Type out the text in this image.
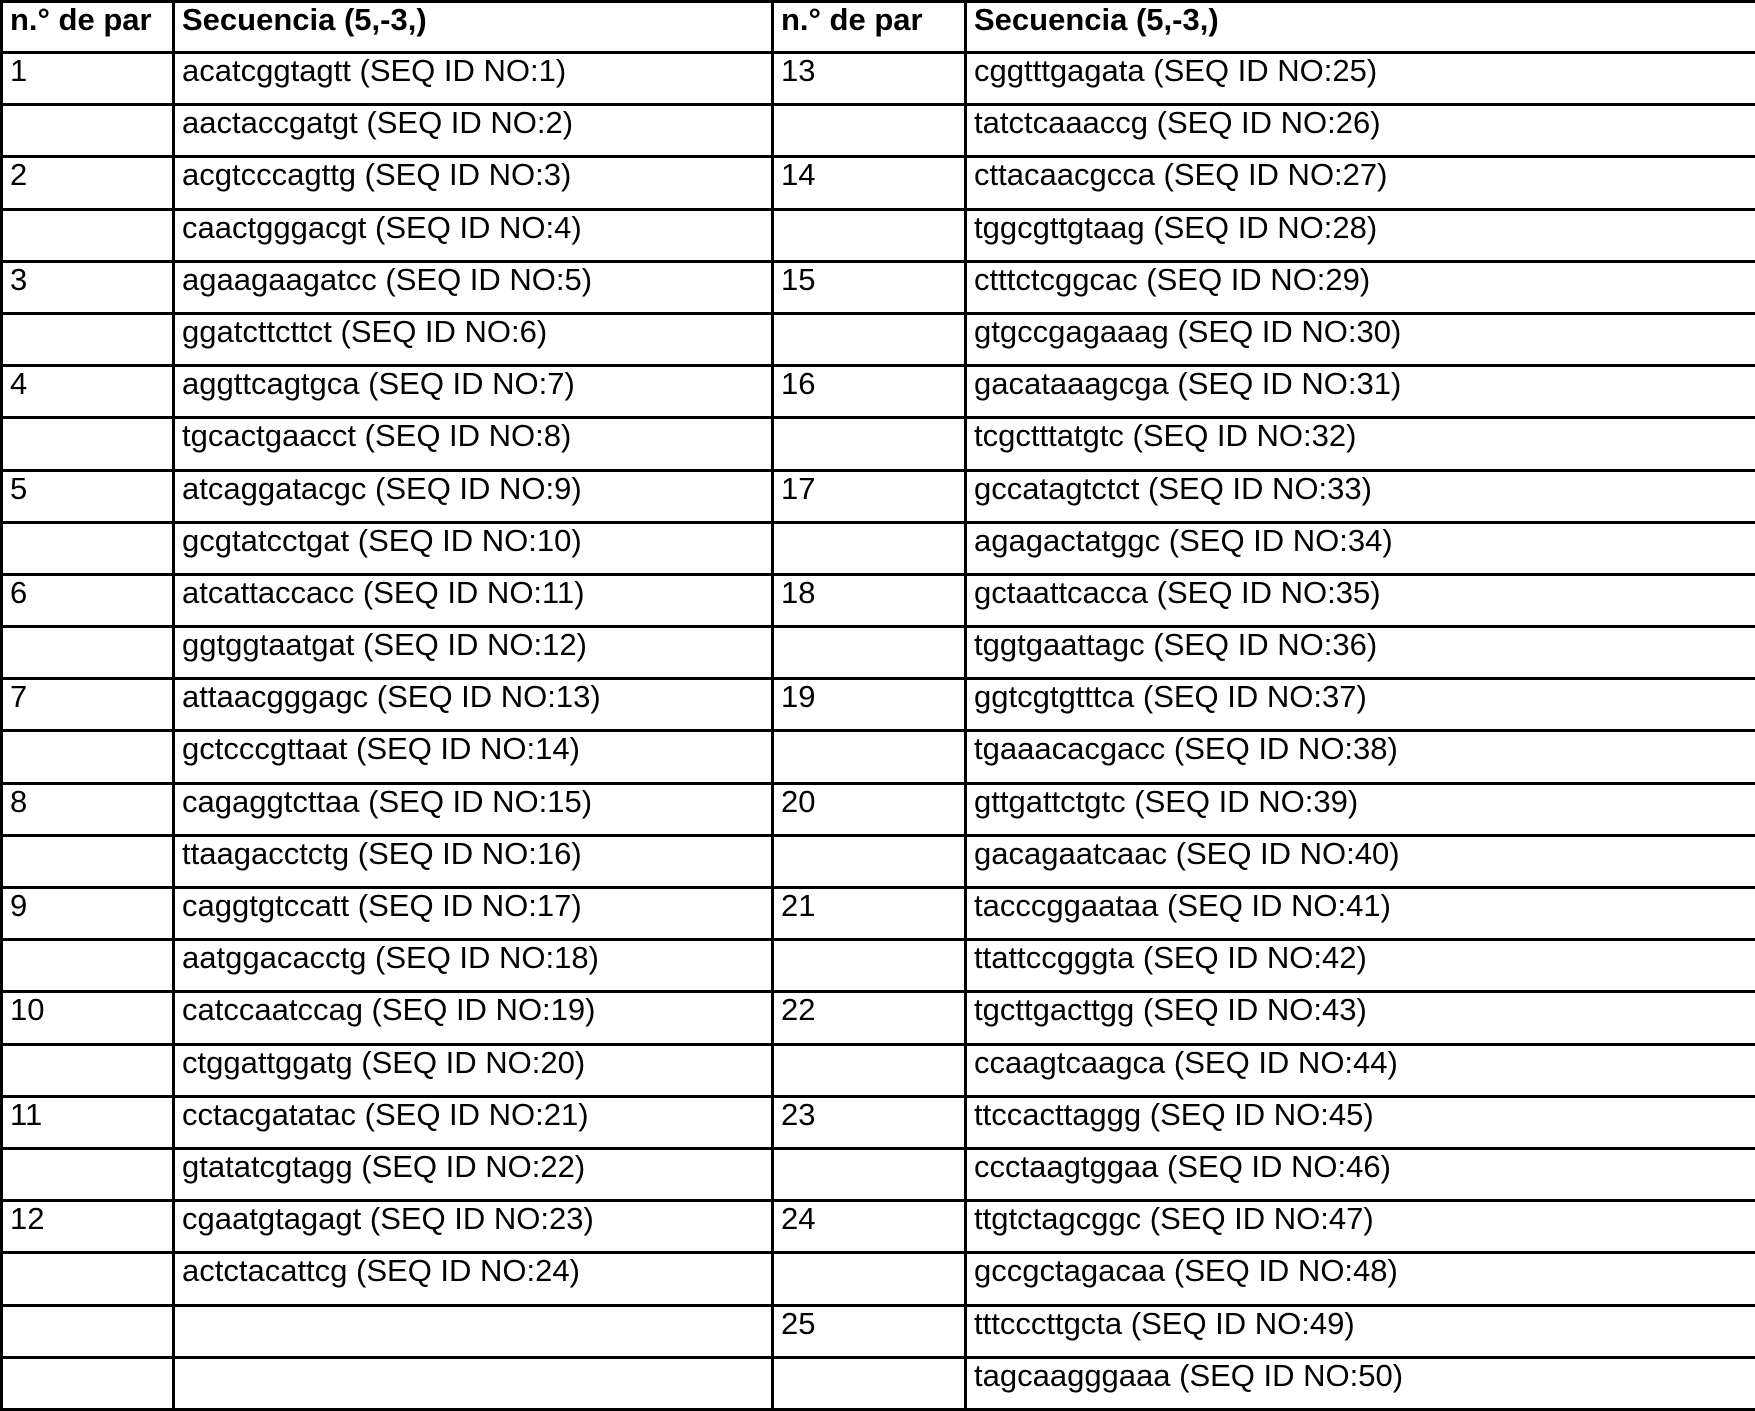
n.° de par	Secuencia (5,-3,)	n.° de par	Secuencia (5,-3,)
1	acatcggtagtt (SEQ ID NO:1)	13	cggtttgagata (SEQ ID NO:25)
	aactaccgatgt (SEQ ID NO:2)		tatctcaaaccg (SEQ ID NO:26)
2	acgtcccagttg (SEQ ID NO:3)	14	cttacaacgcca (SEQ ID NO:27)
	caactgggacgt (SEQ ID NO:4)		tggcgttgtaag (SEQ ID NO:28)
3	agaagaagatcc (SEQ ID NO:5)	15	ctttctcggcac (SEQ ID NO:29)
	ggatcttcttct (SEQ ID NO:6)		gtgccgagaaag (SEQ ID NO:30)
4	aggttcagtgca (SEQ ID NO:7)	16	gacataaagcga (SEQ ID NO:31)
	tgcactgaacct (SEQ ID NO:8)		tcgctttatgtc (SEQ ID NO:32)
5	atcaggatacgc (SEQ ID NO:9)	17	gccatagtctct (SEQ ID NO:33)
	gcgtatcctgat (SEQ ID NO:10)		agagactatggc (SEQ ID NO:34)
6	atcattaccacc (SEQ ID NO:11)	18	gctaattcacca (SEQ ID NO:35)
	ggtggtaatgat (SEQ ID NO:12)		tggtgaattagc (SEQ ID NO:36)
7	attaacgggagc (SEQ ID NO:13)	19	ggtcgtgtttca (SEQ ID NO:37)
	gctcccgttaat (SEQ ID NO:14)		tgaaacacgacc (SEQ ID NO:38)
8	cagaggtcttaa (SEQ ID NO:15)	20	gttgattctgtc (SEQ ID NO:39)
	ttaagacctctg (SEQ ID NO:16)		gacagaatcaac (SEQ ID NO:40)
9	caggtgtccatt (SEQ ID NO:17)	21	tacccggaataa (SEQ ID NO:41)
	aatggacacctg (SEQ ID NO:18)		ttattccgggta (SEQ ID NO:42)
10	catccaatccag (SEQ ID NO:19)	22	tgcttgacttgg (SEQ ID NO:43)
	ctggattggatg (SEQ ID NO:20)		ccaagtcaagca (SEQ ID NO:44)
11	cctacgatatac (SEQ ID NO:21)	23	ttccacttaggg (SEQ ID NO:45)
	gtatatcgtagg (SEQ ID NO:22)		ccctaagtggaa (SEQ ID NO:46)
12	cgaatgtagagt (SEQ ID NO:23)	24	ttgtctagcggc (SEQ ID NO:47)
	actctacattcg (SEQ ID NO:24)		gccgctagacaa (SEQ ID NO:48)
		25	tttcccttgcta (SEQ ID NO:49)
			tagcaagggaaa (SEQ ID NO:50)
